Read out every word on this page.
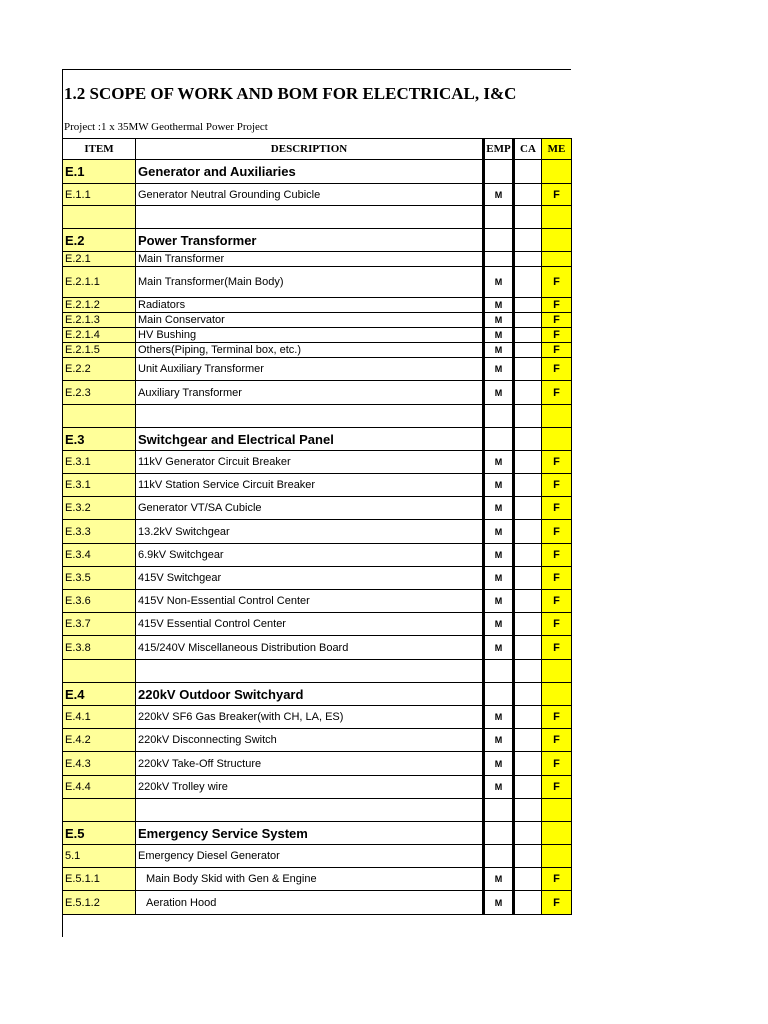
1.2 SCOPE OF WORK AND BOM FOR ELECTRICAL, I&C
Project :1 x 35MW Geothermal Power Project
ITEM	DESCRIPTION	EMP	CA	ME
E.1	Generator and Auxiliaries			
E.1.1	Generator Neutral Grounding Cubicle	M		F

E.2	Power Transformer			
E.2.1	Main Transformer			
E.2.1.1	Main Transformer(Main Body)	M		F
E.2.1.2	Radiators	M		F
E.2.1.3	Main Conservator	M		F
E.2.1.4	HV Bushing	M		F
E.2.1.5	Others(Piping, Terminal box, etc.)	M		F
E.2.2	Unit Auxiliary Transformer	M		F
E.2.3	Auxiliary Transformer	M		F

E.3	Switchgear and Electrical Panel			
E.3.1	11kV Generator Circuit Breaker	M		F
E.3.1	11kV Station Service Circuit Breaker	M		F
E.3.2	Generator VT/SA Cubicle	M		F
E.3.3	13.2kV Switchgear	M		F
E.3.4	6.9kV Switchgear	M		F
E.3.5	415V Switchgear	M		F
E.3.6	415V Non-Essential Control Center	M		F
E.3.7	415V Essential Control Center	M		F
E.3.8	415/240V Miscellaneous Distribution Board	M		F

E.4	220kV Outdoor Switchyard			
E.4.1	220kV SF6 Gas Breaker(with CH, LA, ES)	M		F
E.4.2	220kV Disconnecting Switch	M		F
E.4.3	220kV Take-Off Structure	M		F
E.4.4	220kV Trolley wire	M		F

E.5	Emergency Service System			
5.1	Emergency Diesel Generator			
E.5.1.1	Main Body Skid with Gen & Engine	M		F
E.5.1.2	Aeration Hood	M		F
